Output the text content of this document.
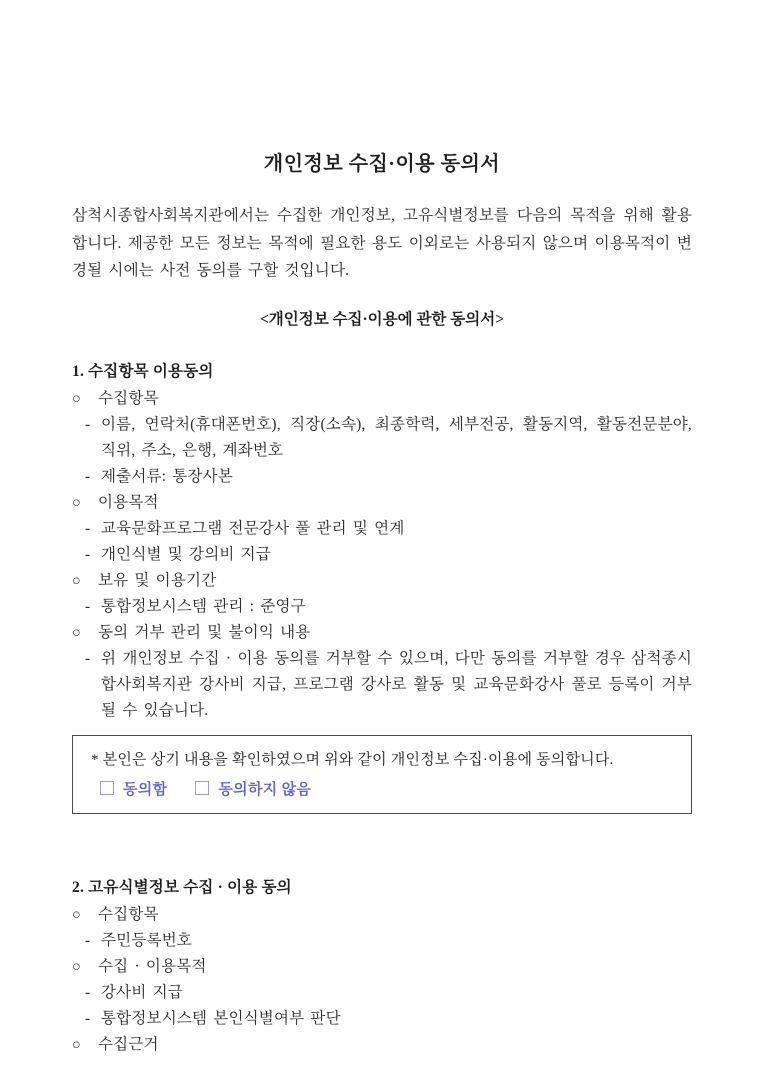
개인정보 수집·이용 동의서

삼척시종합사회복지관에서는 수집한 개인정보, 고유식별정보를 다음의 목적을 위해 활용합니다. 제공한 모든 정보는 목적에 필요한 용도 이외로는 사용되지 않으며 이용목적이 변경될 시에는 사전 동의를 구할 것입니다.

<개인정보 수집·이용에 관한 동의서>

1. 수집항목 이용동의
○	수집항목
- 이름, 연락처(휴대폰번호), 직장(소속), 최종학력, 세부전공, 활동지역, 활동전문분야, 직위, 주소, 은행, 계좌번호
- 제출서류: 통장사본
○	이용목적
- 교육문화프로그램 전문강사 풀 관리 및 연계
- 개인식별 및 강의비 지급
○	보유 및 이용기간
- 통합정보시스템 관리 : 준영구
○	동의 거부 관리 및 불이익 내용
- 위 개인정보 수집 · 이용 동의를 거부할 수 있으며, 다만 동의를 거부할 경우 삼척종시합사회복지관 강사비 지급, 프로그램 강사로 활동 및 교육문화강사 풀로 등록이 거부될 수 있습니다.

* 본인은 상기 내용을 확인하였으며 위와 같이 개인정보 수집·이용에 동의합니다.

동의함	동의하지 않음
2. 고유식별정보 수집 · 이용 동의
○	수집항목
- 주민등록번호
○	수집 · 이용목적
- 강사비 지급
- 통합정보시스템 본인식별여부 판단
○	수집근거
